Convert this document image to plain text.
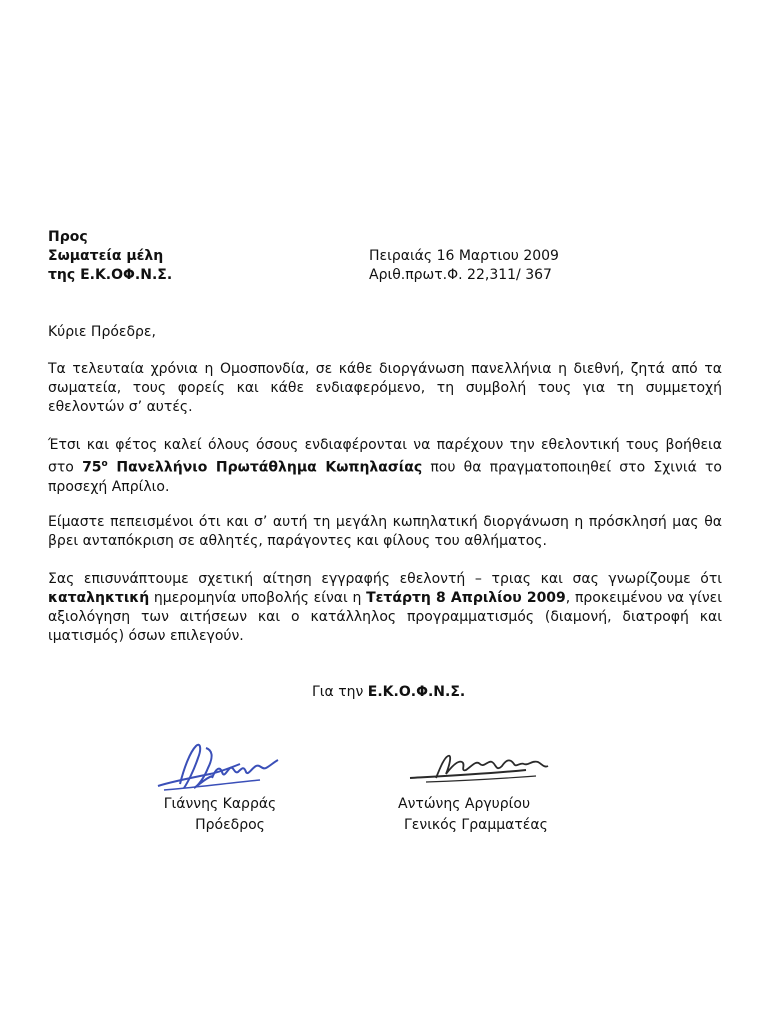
Προς
Σωματεία μέλη
της Ε.Κ.ΟΦ.Ν.Σ.
Πειραιάς 16 Μαρτιου 2009
Αριθ.πρωτ.Φ. 22,311/ 367
Κύριε Πρόεδρε,
Τα τελευταία χρόνια η Ομοσπονδία, σε κάθε διοργάνωση πανελλήνια η διεθνή, ζητά από τα σωματεία, τους φορείς και κάθε ενδιαφερόμενο, τη συμβολή τους για τη συμμετοχή εθελοντών σ’ αυτές.
Έτσι και φέτος καλεί όλους όσους ενδιαφέρονται να παρέχουν την εθελοντική τους βοήθεια στο $75^o$ Πανελλήνιο Πρωτάθλημα Κωπηλασίας που θα πραγματοποιηθεί στο Σχινιά το προσεχή Απρίλιο.
Είμαστε πεπεισμένοι ότι και σ’ αυτή τη μεγάλη κωπηλατική διοργάνωση η πρόσκλησή μας θα βρει ανταπόκριση σε αθλητές, παράγοντες και φίλους του αθλήματος.
Σας επισυνάπτουμε σχετική αίτηση εγγραφής εθελοντή – τριας και σας γνωρίζουμε ότι καταληκτική ημερομηνία υποβολής είναι η Τετάρτη 8 Απριλίου 2009, προκειμένου να γίνει αξιολόγηση των αιτήσεων και ο κατάλληλος προγραμματισμός (διαμονή, διατροφή και ιματισμός) όσων επιλεγούν.
Για την Ε.Κ.Ο.Φ.Ν.Σ.
Γιάννης Καρράς
Πρόεδρος
Αντώνης Αργυρίου
Γενικός Γραμματέας
